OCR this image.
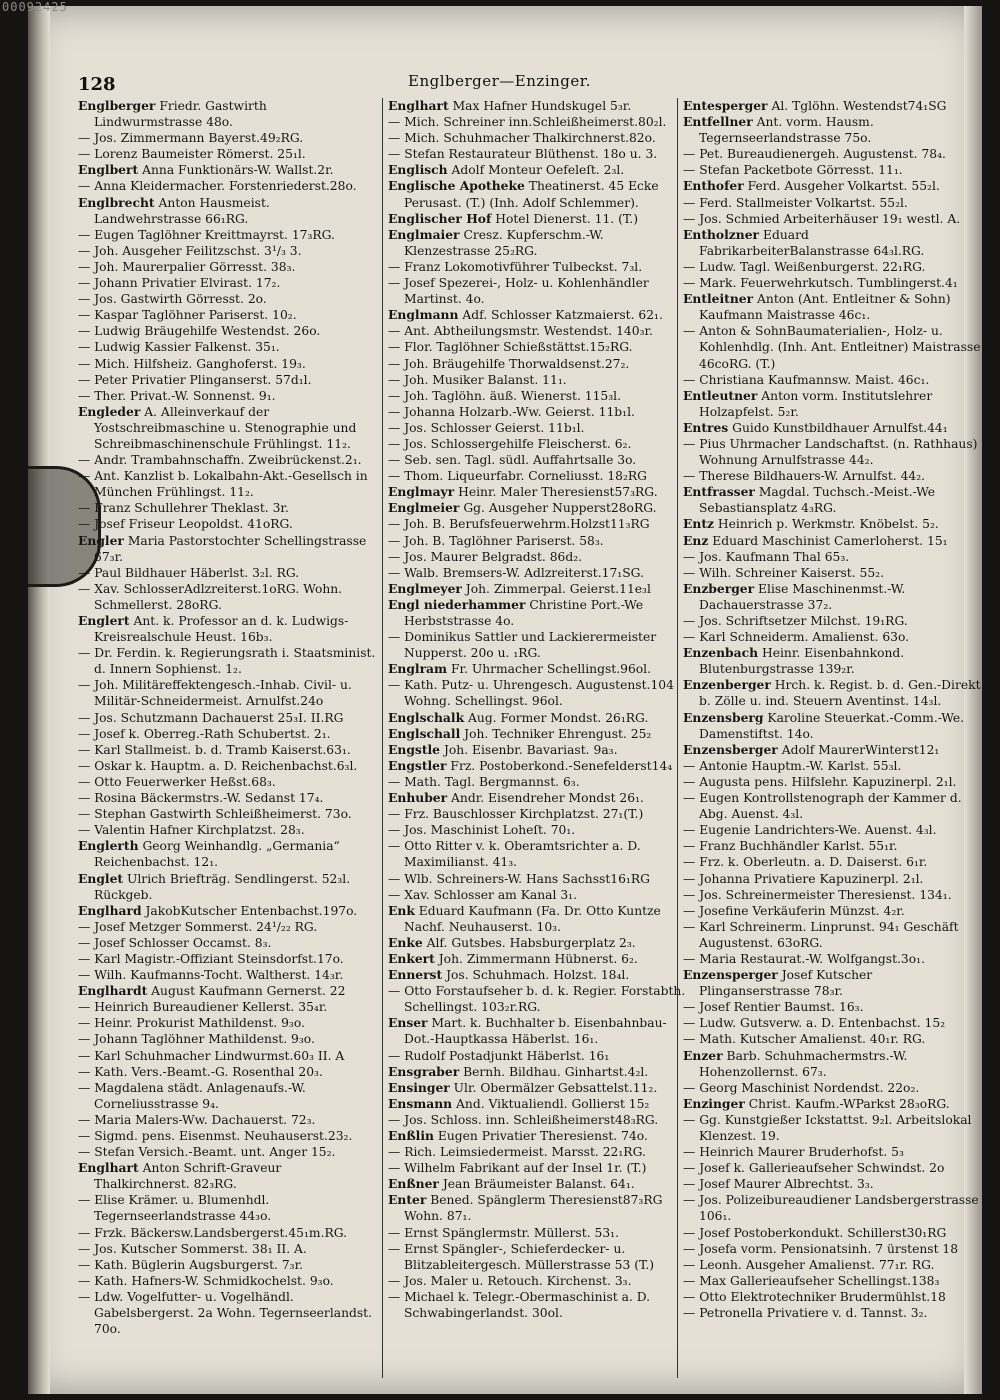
128	Englberger—Enzinger.

Englberger Friedr. Gastwirth Lindwurmstrasse 48o.

— Jos. Zimmermann Bayerst.49₂RG.

— Lorenz Baumeister Römerst. 25₁l.

Englbert Anna Funktionärs-W. Wallst.2r.

— Anna Kleidermacher. Forstenriederst.28o.

Englbrecht Anton Hausmeist. Landwehrstrasse 66₁RG.

— Eugen Taglöhner Kreittmayrst. 17₃RG.

— Joh. Ausgeher Feilitzschst. 3¹/₃ 3.

— Joh. Maurerpalier Görresst. 38₃.

— Johann Privatier Elvirast. 17₂.

— Jos. Gastwirth Görresst. 2o.

— Kaspar Taglöhner Pariserst. 10₂.

— Ludwig Bräugehilfe Westendst. 26o.

— Ludwig Kassier Falkenst. 35₁.

— Mich. Hilfsheiz. Ganghoferst. 19₃.

— Peter Privatier Plinganserst. 57d₁l.

— Ther. Privat.-W. Sonnenst. 9₁.

Engleder A. Alleinverkauf der Yostschreibmaschine u. Stenographie und Schreibmaschinenschule Frühlingst. 11₂.

— Andr. Trambahnschaffn. Zweibrückenst.2₁.

— Ant. Kanzlist b. Lokalbahn-Akt.-Gesellsch in München Frühlingst. 11₂.

— Franz Schullehrer Theklast. 3r.

— Josef Friseur Leopoldst. 41oRG.

Engler Maria Pastorstochter Schellingstrasse 67₃r.

— Paul Bildhauer Häberlst. 3₂l. RG.

— Xav. SchlosserAdlzreiterst.1oRG. Wohn. Schmellerst. 28oRG.

Englert Ant. k. Professor an d. k. Ludwigs-Kreisrealschule Heust. 16b₃.

— Dr. Ferdin. k. Regierungsrath i. Staatsminist. d. Innern Sophienst. 1₂.

— Joh. Militäreffektengesch.-Inhab. Civil- u. Militär-Schneidermeist. Arnulfst.24o

— Jos. Schutzmann Dachauerst 25₃I. II.RG

— Josef k. Oberreg.-Rath Schubertst. 2₁.

— Karl Stallmeist. b. d. Tramb Kaiserst.63₁.

— Oskar k. Hauptm. a. D. Reichenbachst.6₃l.

— Otto Feuerwerker Heßst.68₃.

— Rosina Bäckermstrs.-W. Sedanst 17₄.

— Stephan Gastwirth Schleißheimerst. 73o.

— Valentin Hafner Kirchplatzst. 28₃.

Englerth Georg Weinhandlg. „Germania“ Reichenbachst. 12₁.

Englet Ulrich Briefträg. Sendlingerst. 52₃l. Rückgeb.

Englhard JakobKutscher Entenbachst.197o.

— Josef Metzger Sommerst. 24¹/₂₂ RG.

— Josef Schlosser Occamst. 8₃.

— Karl Magistr.-Offiziant Steinsdorfst.17o.

— Wilh. Kaufmanns-Tocht. Waltherst. 14₃r.

Englhardt August Kaufmann Gernerst. 22

— Heinrich Bureaudiener Kellerst. 35₄r.

— Heinr. Prokurist Mathildenst. 9₃o.

— Johann Taglöhner Mathildenst. 9₃o.

— Karl Schuhmacher Lindwurmst.60₃ II. A

— Kath. Vers.-Beamt.-G. Rosenthal 20₃.

— Magdalena städt. Anlagenaufs.-W. Corneliusstrasse 9₄.

— Maria Malers-Ww. Dachauerst. 72₃.

— Sigmd. pens. Eisenmst. Neuhauserst.23₂.

— Stefan Versich.-Beamt. unt. Anger 15₂.

Englhart Anton Schrift-Graveur Thalkirchnerst. 82₃RG.

— Elise Krämer. u. Blumenhdl. Tegernseerlandstrasse 44₃o.

— Frzk. Bäckersw.Landsbergerst.45₁m.RG.

— Jos. Kutscher Sommerst. 38₁ II. A.

— Kath. Büglerin Augsburgerst. 7₃r.

— Kath. Hafners-W. Schmidkochelst. 9₃o.

— Ldw. Vogelfutter- u. Vogelhändl. Gabelsbergerst. 2a Wohn. Tegernseerlandst. 70o.

Englhart Max Hafner Hundskugel 5₃r.

— Mich. Schreiner inn.Schleißheimerst.80₂l.

— Mich. Schuhmacher Thalkirchnerst.82o.

— Stefan Restaurateur Blüthenst. 18o u. 3.

Englisch Adolf Monteur Oefeleſt. 2₃l.

Englische Apotheke Theatinerst. 45 Ecke Perusast. (T.) (Inh. Adolf Schlemmer).

Englischer Hof Hotel Dienerst. 11. (T.)

Englmaier Cresz. Kupferschm.-W. Klenzestrasse 25₂RG.

— Franz Lokomotivführer Tulbeckst. 7₃l.

— Josef Spezerei-, Holz- u. Kohlenhändler Martinst. 4o.

Englmann Adf. Schlosser Katzmaierst. 62₁.

— Ant. Abtheilungsmstr. Westendst. 140₃r.

— Flor. Taglöhner Schießstättst.15₂RG.

— Joh. Bräugehilfe Thorwaldsenst.27₂.

— Joh. Musiker Balanst. 11₁.

— Joh. Taglöhn. äuß. Wienerst. 115₃l.

— Johanna Holzarb.-Ww. Geierst. 11b₁l.

— Jos. Schlosser Geierst. 11b₁l.

— Jos. Schlossergehilfe Fleischerst. 6₂.

— Seb. sen. Tagl. südl. Auffahrtsalle 3o.

— Thom. Liqueurfabr. Corneliusst. 18₂RG

Englmayr Heinr. Maler Theresienst57₃RG.

Englmeier Gg. Ausgeher Nupperst28oRG.

— Joh. B. Berufsfeuerwehrm.Holzst11₃RG

— Joh. B. Taglöhner Pariserst. 58₃.

— Jos. Maurer Belgradst. 86d₂.

— Walb. Bremsers-W. Adlzreiterst.17₁SG.

Englmeyer Joh. Zimmerpal. Geierst.11e₃l

Engl niederhammer Christine Port.-We Herbststrasse 4o.

— Dominikus Sattler und Lackierermeister Nupperst. 20o u. ₁RG.

Englram Fr. Uhrmacher Schellingst.96ol.

— Kath. Putz- u. Uhrengesch. Augustenst.104 Wohng. Schellingst. 96ol.

Englschalk Aug. Former Mondst. 26₁RG.

Englschall Joh. Techniker Ehrengust. 25₂

Engstle Joh. Eisenbr. Bavariast. 9a₃.

Engstler Frz. Postoberkond.-Senefelderst14₄

— Math. Tagl. Bergmannst. 6₃.

Enhuber Andr. Eisendreher Mondst 26₁.

— Frz. Bauschlosser Kirchplatzst. 27₁(T.)

— Jos. Maschinist Loheſt. 70₁.

— Otto Ritter v. k. Oberamtsrichter a. D. Maximilianst. 41₃.

— Wlb. Schreiners-W. Hans Sachsst16₁RG

— Xav. Schlosser am Kanal 3₁.

Enk Eduard Kaufmann (Fa. Dr. Otto Kuntze Nachf. Neuhauserst. 10₃.

Enke Alf. Gutsbes. Habsburgerplatz 2₃.

Enkert Joh. Zimmermann Hübnerst. 6₂.

Ennerst Jos. Schuhmach. Holzst. 18₄l.

— Otto Forstaufseher b. d. k. Regier. Forstabth. Schellingst. 103₂r.RG.

Enser Mart. k. Buchhalter b. Eisenbahnbau-Dot.-Hauptkassa Häberlst. 16₁.

— Rudolf Postadjunkt Häberlst. 16₁

Ensgraber Bernh. Bildhau. Ginhartst.4₂l.

Ensinger Ulr. Obermälzer Gebsattelst.11₂.

Ensmann And. Viktualiendl. Gollierst 15₂

— Jos. Schloss. inn. Schleißheimerst48₃RG.

Enßlin Eugen Privatier Theresienst. 74o.

— Rich. Leimsiedermeist. Marsst. 22₁RG.

— Wilhelm Fabrikant auf der Insel 1r. (T.)

Enßner Jean Bräumeister Balanst. 64₁.

Enter Bened. Spänglerm Theresienst87₃RG Wohn. 87₁.

— Ernst Spänglermstr. Müllerst. 53₁.

— Ernst Spängler-, Schieferdecker- u. Blitzableitergesch. Müllerstrasse 53 (T.)

— Jos. Maler u. Retouch. Kirchenst. 3₃.

— Michael k. Telegr.-Obermaschinist a. D. Schwabingerlandst. 30ol.

Entesperger Al. Tglöhn. Westendst74₁SG

Entfellner Ant. vorm. Hausm. Tegernseerlandstrasse 75o.

— Pet. Bureaudienergeh. Augustenst. 78₄.

— Stefan Packetbote Görresst. 11₁.

Enthofer Ferd. Ausgeher Volkartst. 55₂l.

— Ferd. Stallmeister Volkartst. 55₂l.

— Jos. Schmied Arbeiterhäuser 19₁ westl. A.

Entholzner Eduard FabrikarbeiterBalanstrasse 64₃l.RG.

— Ludw. Tagl. Weißenburgerst. 22₁RG.

— Mark. Feuerwehrkutsch. Tumblingerst.4₁

Entleitner Anton (Ant. Entleitner & Sohn) Kaufmann Maistrasse 46c₁.

— Anton & SohnBaumaterialien-, Holz- u. Kohlenhdlg. (Inh. Ant. Entleitner) Maistrasse 46coRG. (T.)

— Christiana Kaufmannsw. Maist. 46c₁.

Entleutner Anton vorm. Institutslehrer Holzapfelst. 5₂r.

Entres Guido Kunstbildhauer Arnulfst.44₁

— Pius Uhrmacher Landschaftst. (n. Rathhaus) Wohnung Arnulfstrasse 44₂.

— Therese Bildhauers-W. Arnulfst. 44₂.

Entfrasser Magdal. Tuchsch.-Meist.-We Sebastiansplatz 4₃RG.

Entz Heinrich p. Werkmstr. Knöbelst. 5₂.

Enz Eduard Maschinist Camerloherst. 15₁

— Jos. Kaufmann Thal 65₃.

— Wilh. Schreiner Kaiserst. 55₂.

Enzberger Elise Maschinenmst.-W. Dachauerstrasse 37₂.

— Jos. Schriftsetzer Milchst. 19₁RG.

— Karl Schneiderm. Amalienst. 63o.

Enzenbach Heinr. Eisenbahnkond. Blutenburgstrasse 139₂r.

Enzenberger Hrch. k. Regist. b. d. Gen.-Direkt b. Zölle u. ind. Steuern Aventinst. 14₃l.

Enzensberg Karoline Steuerkat.-Comm.-We. Damenstiftst. 14o.

Enzensberger Adolf MaurerWinterst12₁

— Antonie Hauptm.-W. Karlst. 55₃l.

— Augusta pens. Hilfslehr. Kapuzinerpl. 2₁l.

— Eugen Kontrollstenograph der Kammer d. Abg. Auenst. 4₃l.

— Eugenie Landrichters-We. Auenst. 4₃l.

— Franz Buchhändler Karlst. 55₁r.

— Frz. k. Oberleutn. a. D. Daiserst. 6₁r.

— Johanna Privatiere Kapuzinerpl. 2₁l.

— Jos. Schreinermeister Theresienst. 134₁.

— Josefine Verkäuferin Münzst. 4₂r.

— Karl Schreinerm. Linprunst. 94₁ Geschäft Augustenst. 63oRG.

— Maria Restaurat.-W. Wolfgangst.3o₁.

Enzensperger Josef Kutscher Plinganserstrasse 78₃r.

— Josef Rentier Baumst. 16₃.

— Ludw. Gutsverw. a. D. Entenbachst. 15₂

— Math. Kutscher Amalienst. 40₁r. RG.

Enzer Barb. Schuhmachermstrs.-W. Hohenzollernst. 67₃.

— Georg Maschinist Nordendst. 22o₂.

Enzinger Christ. Kaufm.-WParkst 28₃oRG.

— Gg. Kunstgießer Ickstattst. 9₂l. Arbeitslokal Klenzest. 19.

— Heinrich Maurer Bruderhofst. 5₃

— Josef k. Gallerieaufseher Schwindst. 2o

— Josef Maurer Albrechtst. 3₃.

— Jos. Polizeibureaudiener Landsbergerstrasse 106₁.

— Josef Postoberkondukt. Schillerst30₁RG

— Josefa vorm. Pensionatsinh. 7 ürstenst 18

— Leonh. Ausgeher Amalienst. 77₁r. RG.

— Max Gallerieaufseher Schellingst.138₃

— Otto Elektrotechniker Brudermühlst.18

— Petronella Privatiere v. d. Tannst. 3₂.

00092425
